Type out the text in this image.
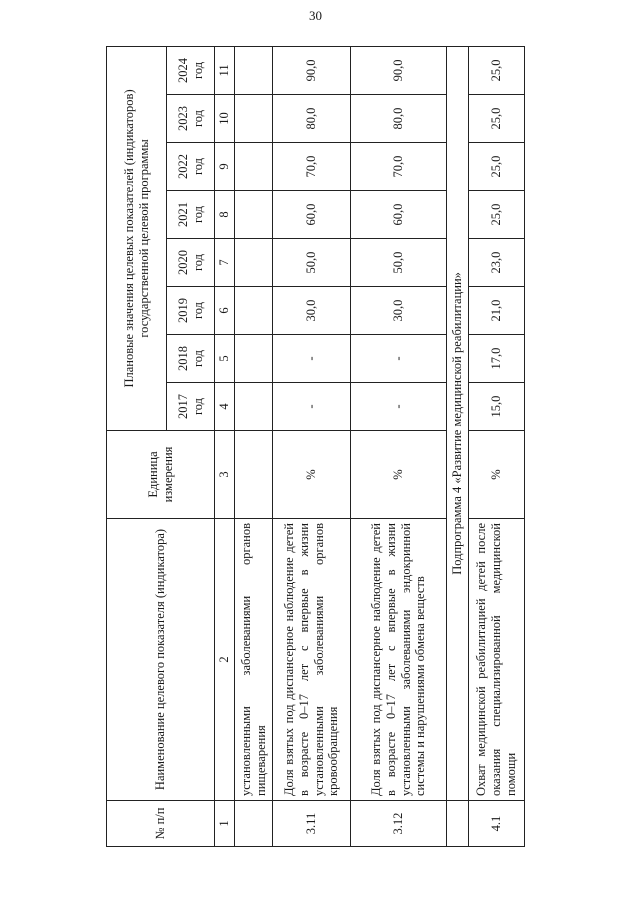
30
№ п/п	Наименование целевого показателя (индикатора)	Единица измерения	Плановые значения целевых показателей (индикаторов) государственной целевой программы							
			2017 год	2018 год	2019 год	2020 год	2021 год	2022 год	2023 год	2024 год
1	2	3	4	5	6	7	8	9	10	11
	установленными заболеваниями органов пищеварения									
3.11	Доля взятых под диспансерное наблюдение детей в возрасте 0–17 лет с впервые в жизни установленными заболеваниями органов кровообращения	%	-	-	30,0	50,0	60,0	70,0	80,0	90,0
3.12	Доля взятых под диспансерное наблюдение детей в возрасте 0–17 лет с впервые в жизни установленными заболеваниями эндокринной системы и нарушениями обмена веществ	%	-	-	30,0	50,0	60,0	70,0	80,0	90,0
	Подпрограмма 4 «Развитие медицинской реабилитации»									
4.1	Охват медицинской реабилитацией детей после оказания специализированной медицинской помощи	%	15,0	17,0	21,0	23,0	25,0	25,0	25,0	25,0
